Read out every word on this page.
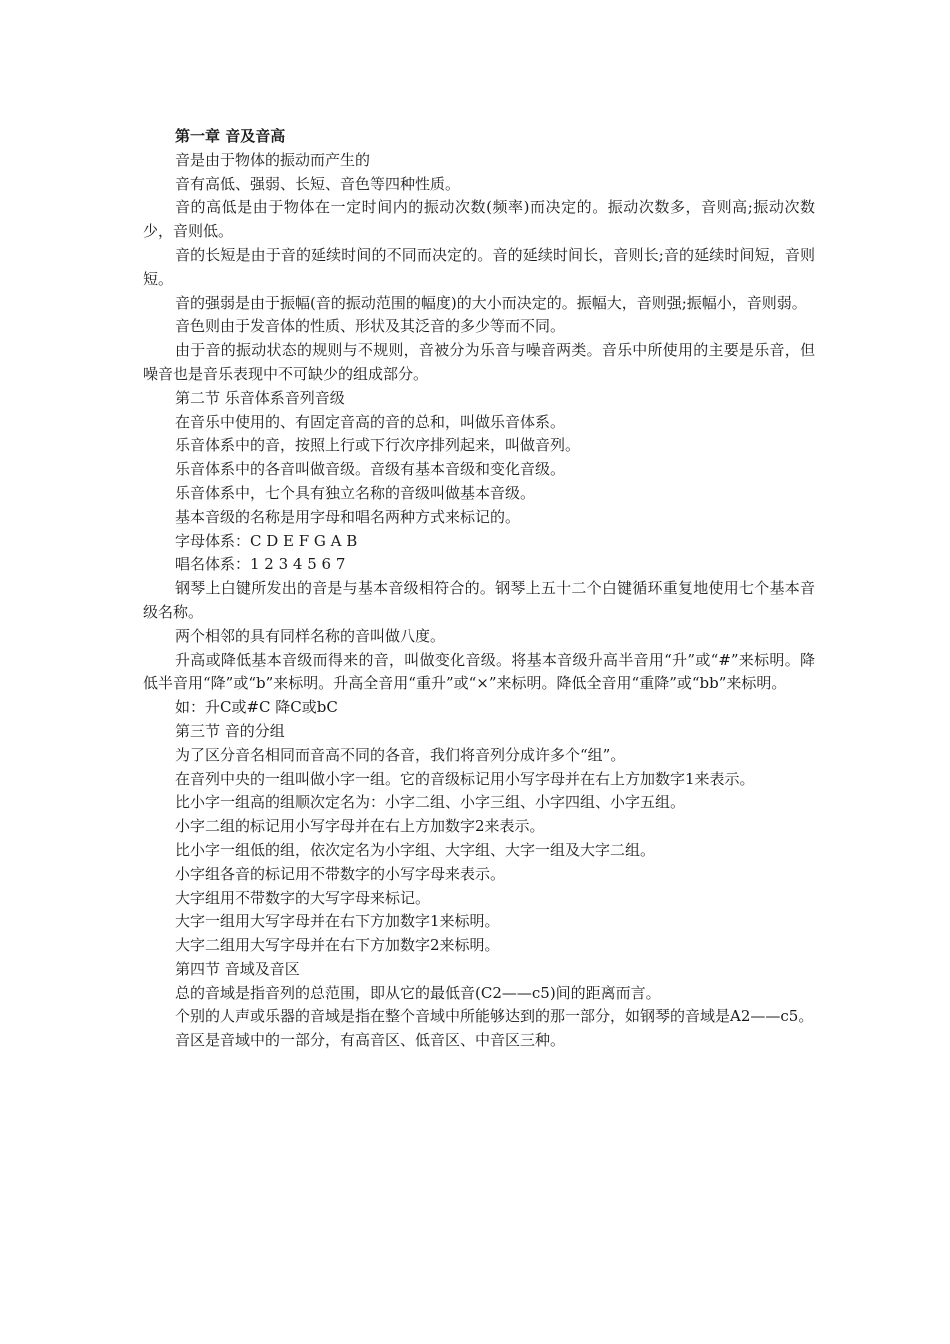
第一章 音及音高

音是由于物体的振动而产生的

音有高低、强弱、长短、音色等四种性质。

音的高低是由于物体在一定时间内的振动次数(频率)而决定的。振动次数多，音则高;振动次数少，音则低。

音的长短是由于音的延续时间的不同而决定的。音的延续时间长，音则长;音的延续时间短，音则短。

音的强弱是由于振幅(音的振动范围的幅度)的大小而决定的。振幅大，音则强;振幅小，音则弱。

音色则由于发音体的性质、形状及其泛音的多少等而不同。

由于音的振动状态的规则与不规则，音被分为乐音与噪音两类。音乐中所使用的主要是乐音，但噪音也是音乐表现中不可缺少的组成部分。

第二节 乐音体系音列音级

在音乐中使用的、有固定音高的音的总和，叫做乐音体系。

乐音体系中的音，按照上行或下行次序排列起来，叫做音列。

乐音体系中的各音叫做音级。音级有基本音级和变化音级。

乐音体系中，七个具有独立名称的音级叫做基本音级。

基本音级的名称是用字母和唱名两种方式来标记的。

字母体系：C D E F G A B

唱名体系：1 2 3 4 5 6 7

钢琴上白键所发出的音是与基本音级相符合的。钢琴上五十二个白键循环重复地使用七个基本音级名称。

两个相邻的具有同样名称的音叫做八度。

升高或降低基本音级而得来的音，叫做变化音级。将基本音级升高半音用“升”或“#”来标明。降低半音用“降”或“b”来标明。升高全音用“重升”或“×”来标明。降低全音用“重降”或“bb”来标明。

如：升C或#C 降C或bC

第三节 音的分组

为了区分音名相同而音高不同的各音，我们将音列分成许多个“组”。

在音列中央的一组叫做小字一组。它的音级标记用小写字母并在右上方加数字1来表示。

比小字一组高的组顺次定名为：小字二组、小字三组、小字四组、小字五组。

小字二组的标记用小写字母并在右上方加数字2来表示。

比小字一组低的组，依次定名为小字组、大字组、大字一组及大字二组。

小字组各音的标记用不带数字的小写字母来表示。

大字组用不带数字的大写字母来标记。

大字一组用大写字母并在右下方加数字1来标明。

大字二组用大写字母并在右下方加数字2来标明。

第四节 音域及音区

总的音域是指音列的总范围，即从它的最低音(C2——c5)间的距离而言。

个别的人声或乐器的音域是指在整个音域中所能够达到的那一部分，如钢琴的音域是A2——c5。

音区是音域中的一部分，有高音区、低音区、中音区三种。
